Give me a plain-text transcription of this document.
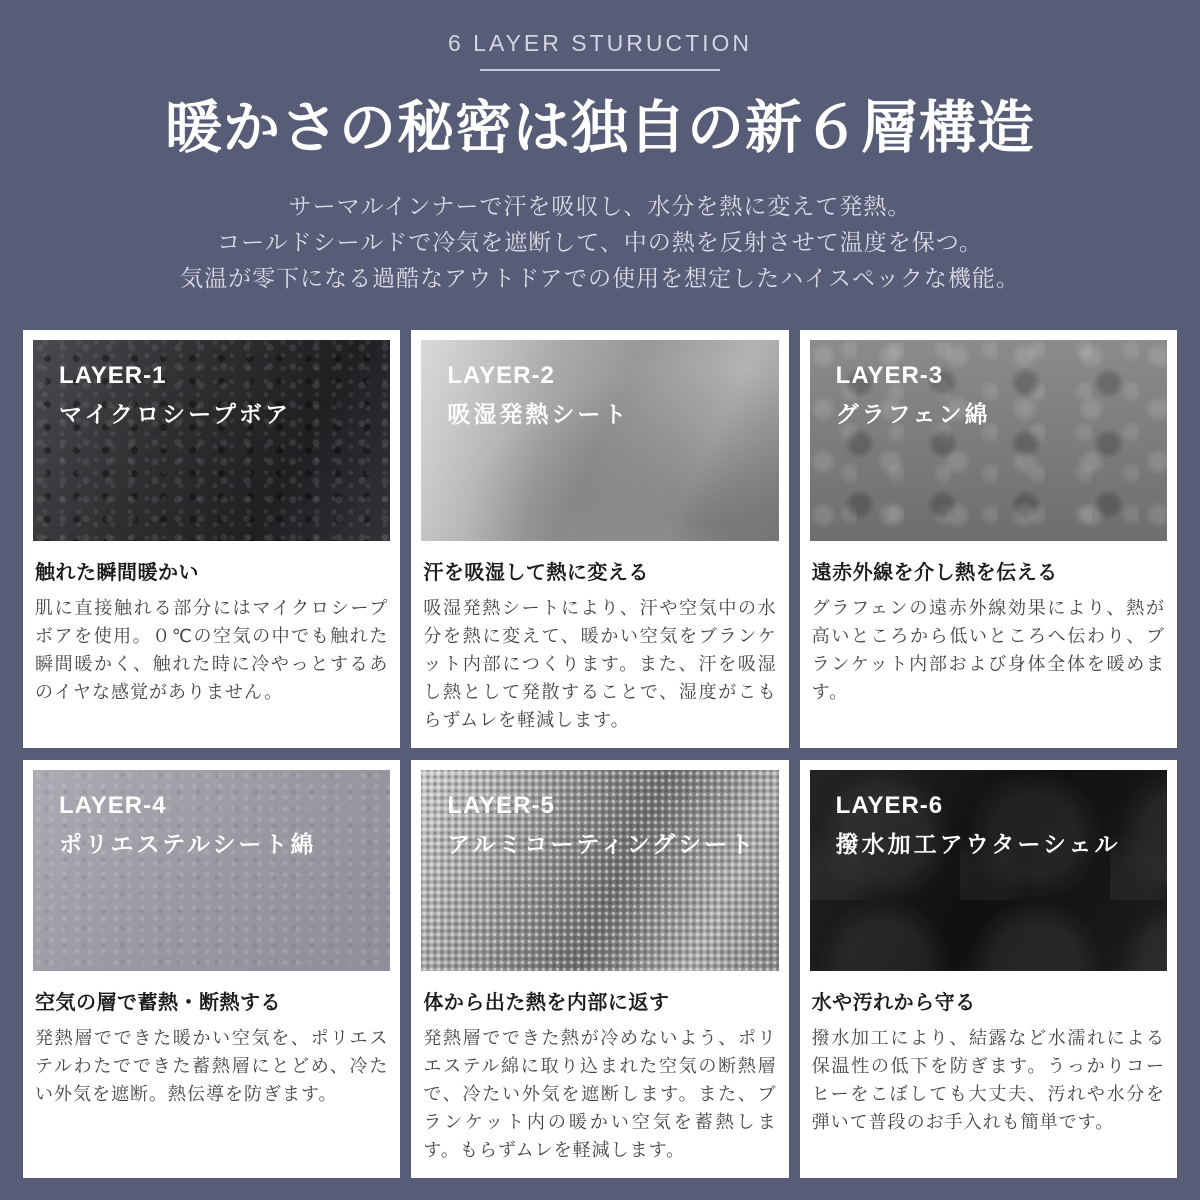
6 LAYER STURUCTION
暖かさの秘密は独自の新６層構造

サーマルインナーで汗を吸収し、水分を熱に変えて発熱。

コールドシールドで冷気を遮断して、中の熱を反射させて温度を保つ。

気温が零下になる過酷なアウトドアでの使用を想定したハイスペックな機能。

LAYER-1
マイクロシープボア
触れた瞬間暖かい
肌に直接触れる部分にはマイクロシープボアを使用。０℃の空気の中でも触れた瞬間暖かく、触れた時に冷やっとするあのイヤな感覚がありません。
LAYER-2
吸湿発熱シート
汗を吸湿して熱に変える
吸湿発熱シートにより、汗や空気中の水分を熱に変えて、暖かい空気をブランケット内部につくります。また、汗を吸湿し熱として発散することで、湿度がこもらずムレを軽減します。
LAYER-3
グラフェン綿
遠赤外線を介し熱を伝える
グラフェンの遠赤外線効果により、熱が高いところから低いところへ伝わり、ブランケット内部および身体全体を暖めます。
LAYER-4
ポリエステルシート綿
空気の層で蓄熱・断熱する
発熱層でできた暖かい空気を、ポリエステルわたでできた蓄熱層にとどめ、冷たい外気を遮断。熱伝導を防ぎます。
LAYER-5
アルミコーティングシート
体から出た熱を内部に返す
発熱層でできた熱が冷めないよう、ポリエステル綿に取り込まれた空気の断熱層で、冷たい外気を遮断します。また、ブランケット内の暖かい空気を蓄熱します。もらずムレを軽減します。
LAYER-6
撥水加工アウターシェル
水や汚れから守る
撥水加工により、結露など水濡れによる保温性の低下を防ぎます。うっかりコーヒーをこぼしても大丈夫、汚れや水分を弾いて普段のお手入れも簡単です。
